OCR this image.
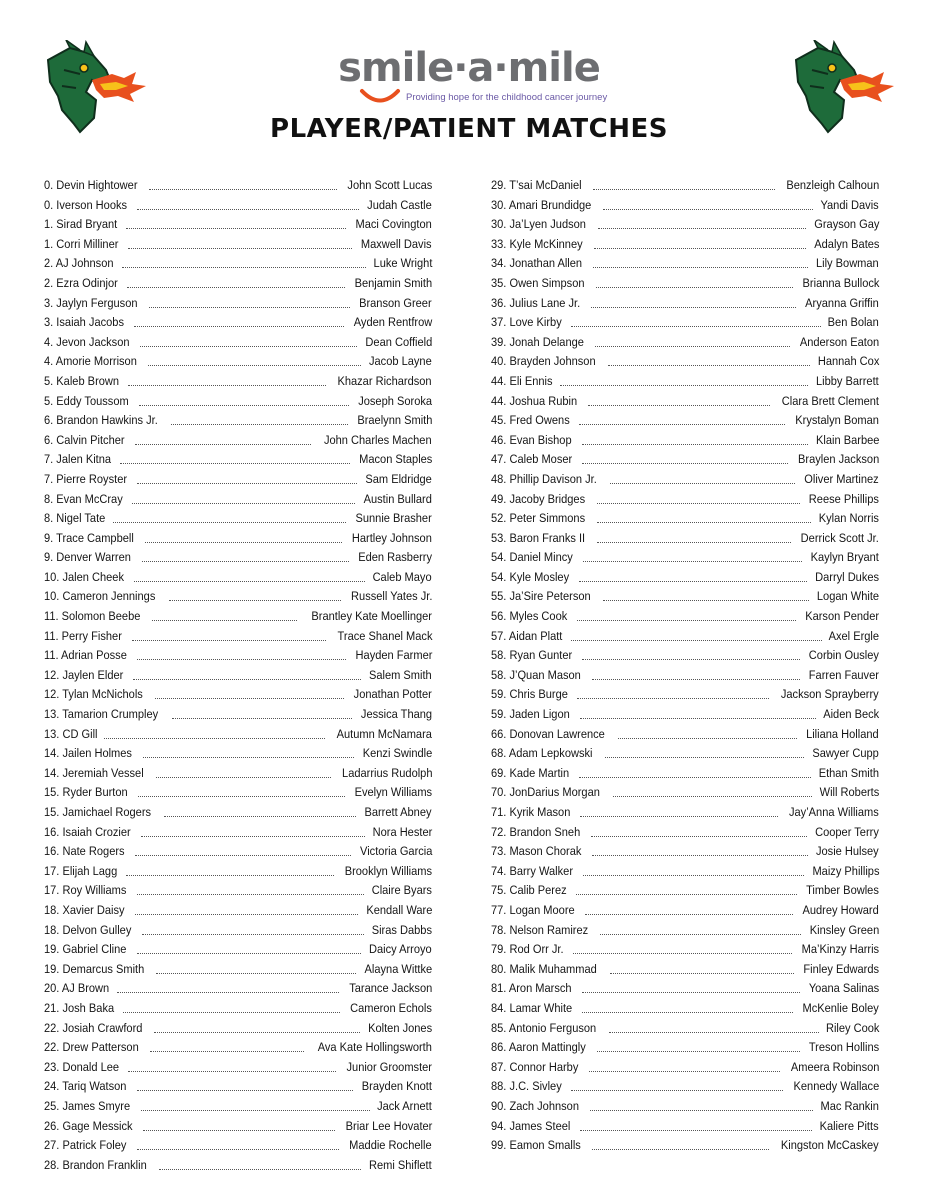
smile·a·mile
Providing hope for the childhood cancer journey
PLAYER/PATIENT MATCHES
0. Devin Hightower	John Scott Lucas
0. Iverson Hooks	Judah Castle
1. Sirad Bryant	Maci Covington
1. Corri Milliner	Maxwell Davis
2. AJ Johnson	Luke Wright
2. Ezra Odinjor	Benjamin Smith
3. Jaylyn Ferguson	Branson Greer
3. Isaiah Jacobs	Ayden Rentfrow
4. Jevon Jackson	Dean Coffield
4. Amorie Morrison	Jacob Layne
5. Kaleb Brown	Khazar Richardson
5. Eddy Toussom	Joseph Soroka
6. Brandon Hawkins Jr.	Braelynn Smith
6. Calvin Pitcher	John Charles Machen
7. Jalen Kitna	Macon Staples
7. Pierre Royster	Sam Eldridge
8. Evan McCray	Austin Bullard
8. Nigel Tate	Sunnie Brasher
9. Trace Campbell	Hartley Johnson
9. Denver Warren	Eden Rasberry
10. Jalen Cheek	Caleb Mayo
10. Cameron Jennings	Russell Yates Jr.
11. Solomon Beebe	Brantley Kate Moellinger
11. Perry Fisher	Trace Shanel Mack
11. Adrian Posse	Hayden Farmer
12. Jaylen Elder	Salem Smith
12. Tylan McNichols	Jonathan Potter
13. Tamarion Crumpley	Jessica Thang
13. CD Gill	Autumn McNamara
14. Jailen Holmes	Kenzi Swindle
14. Jeremiah Vessel	Ladarrius Rudolph
15. Ryder Burton	Evelyn Williams
15. Jamichael Rogers	Barrett Abney
16. Isaiah Crozier	Nora Hester
16. Nate Rogers	Victoria Garcia
17. Elijah Lagg	Brooklyn Williams
17. Roy Williams	Claire Byars
18. Xavier Daisy	Kendall Ware
18. Delvon Gulley	Siras Dabbs
19. Gabriel Cline	Daicy Arroyo
19. Demarcus Smith	Alayna Wittke
20. AJ Brown	Tarance Jackson
21. Josh Baka	Cameron Echols
22. Josiah Crawford	Kolten Jones
22. Drew Patterson	Ava Kate Hollingsworth
23. Donald Lee	Junior Groomster
24. Tariq Watson	Brayden Knott
25. James Smyre	Jack Arnett
26. Gage Messick	Briar Lee Hovater
27. Patrick Foley	Maddie Rochelle
28. Brandon Franklin	Remi Shiflett
29. T’sai McDaniel	Benzleigh Calhoun
30. Amari Brundidge	Yandi Davis
30. Ja’Lyen Judson	Grayson Gay
33. Kyle McKinney	Adalyn Bates
34. Jonathan Allen	Lily Bowman
35. Owen Simpson	Brianna Bullock
36. Julius Lane Jr.	Aryanna Griffin
37. Love Kirby	Ben Bolan
39. Jonah Delange	Anderson Eaton
40. Brayden Johnson	Hannah Cox
44. Eli Ennis	Libby Barrett
44. Joshua Rubin	Clara Brett Clement
45. Fred Owens	Krystalyn Boman
46. Evan Bishop	Klain Barbee
47. Caleb Moser	Braylen Jackson
48. Phillip Davison Jr.	Oliver Martinez
49. Jacoby Bridges	Reese Phillips
52. Peter Simmons	Kylan Norris
53. Baron Franks II	Derrick Scott Jr.
54. Daniel Mincy	Kaylyn Bryant
54. Kyle Mosley	Darryl Dukes
55. Ja’Sire Peterson	Logan White
56. Myles Cook	Karson Pender
57. Aidan Platt	Axel Ergle
58. Ryan Gunter	Corbin Ousley
58. J’Quan Mason	Farren Fauver
59. Chris Burge	Jackson Sprayberry
59. Jaden Ligon	Aiden Beck
66. Donovan Lawrence	Liliana Holland
68. Adam Lepkowski	Sawyer Cupp
69. Kade Martin	Ethan Smith
70. JonDarius Morgan	Will Roberts
71. Kyrik Mason	Jay’Anna Williams
72. Brandon Sneh	Cooper Terry
73. Mason Chorak	Josie Hulsey
74. Barry Walker	Maizy Phillips
75. Calib Perez	Timber Bowles
77. Logan Moore	Audrey Howard
78. Nelson Ramirez	Kinsley Green
79. Rod Orr Jr.	Ma’Kinzy Harris
80. Malik Muhammad	Finley Edwards
81. Aron Marsch	Yoana Salinas
84. Lamar White	McKenlie Boley
85. Antonio Ferguson	Riley Cook
86. Aaron Mattingly	Treson Hollins
87. Connor Harby	Ameera Robinson
88. J.C. Sivley	Kennedy Wallace
90. Zach Johnson	Mac Rankin
94. James Steel	Kaliere Pitts
99. Eamon Smalls	Kingston McCaskey
